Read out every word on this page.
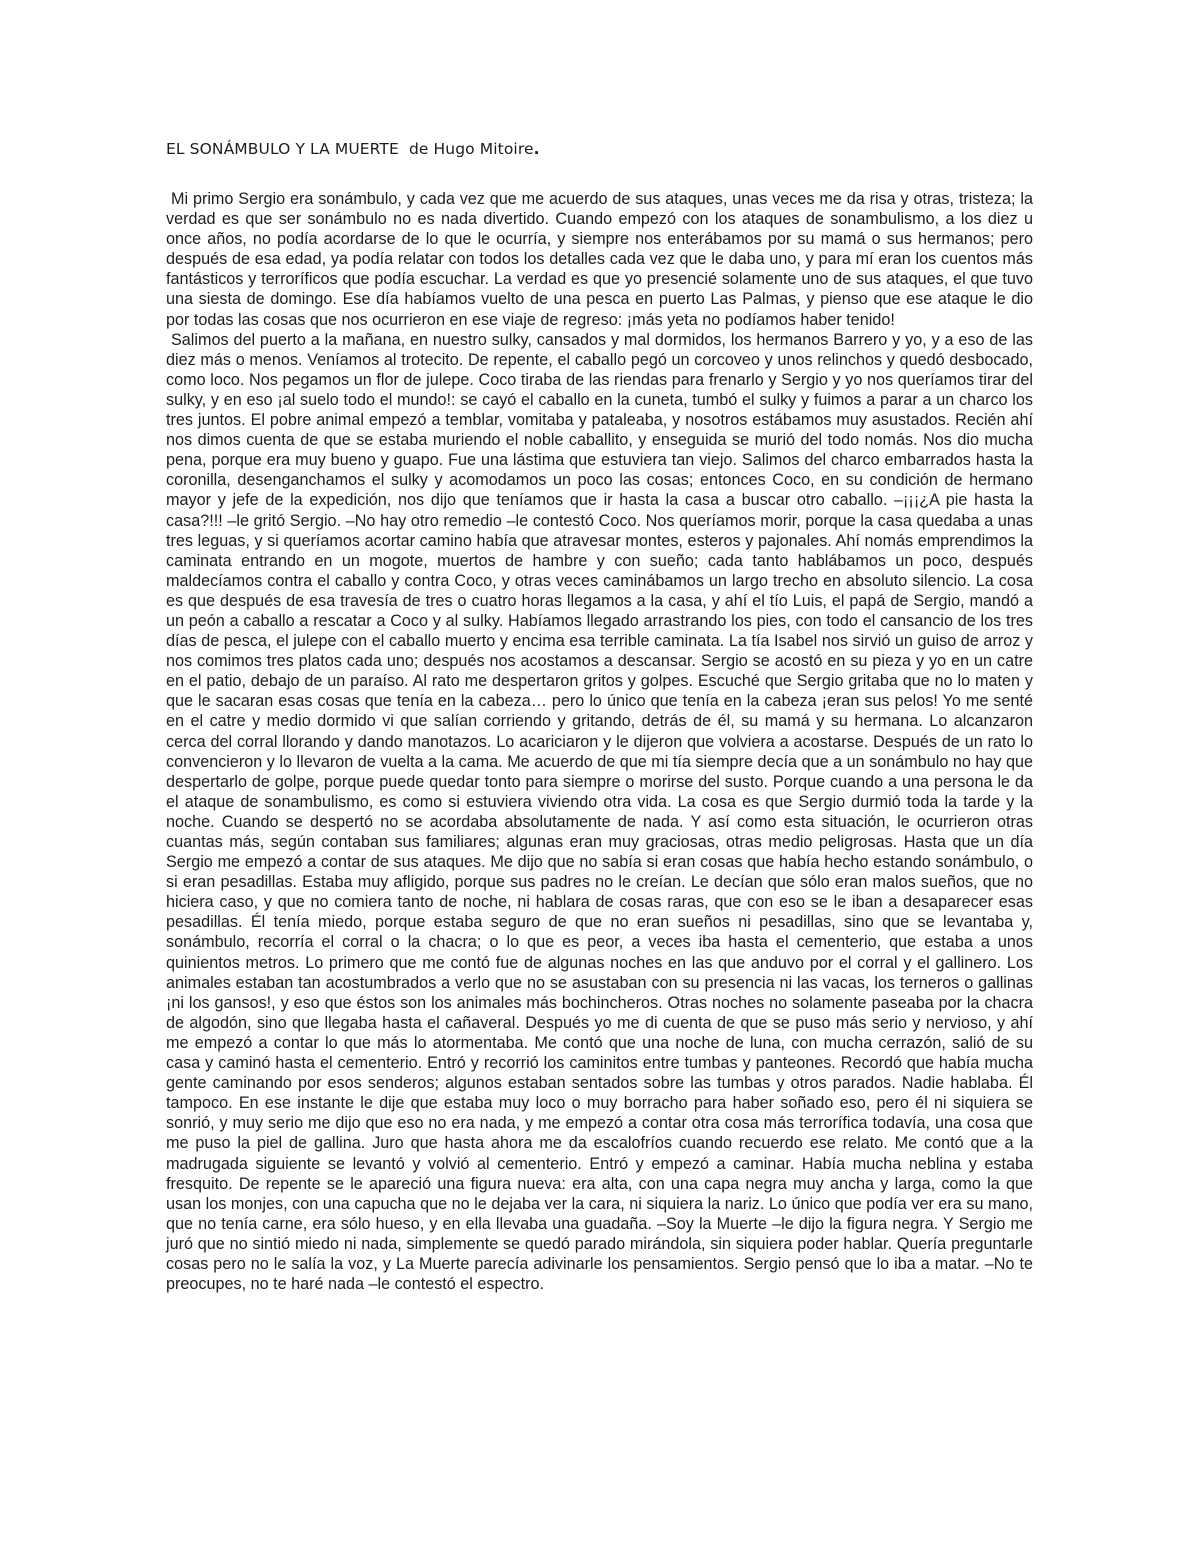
EL SONÁMBULO Y LA MUERTE de Hugo Mitoire.

Mi primo Sergio era sonámbulo, y cada vez que me acuerdo de sus ataques, unas veces me da risa y otras, tristeza; la verdad es que ser sonámbulo no es nada divertido. Cuando empezó con los ataques de sonambulismo, a los diez u once años, no podía acordarse de lo que le ocurría, y siempre nos enterábamos por su mamá o sus hermanos; pero después de esa edad, ya podía relatar con todos los detalles cada vez que le daba uno, y para mí eran los cuentos más fantásticos y terroríficos que podía escuchar. La verdad es que yo presencié solamente uno de sus ataques, el que tuvo una siesta de domingo. Ese día habíamos vuelto de una pesca en puerto Las Palmas, y pienso que ese ataque le dio por todas las cosas que nos ocurrieron en ese viaje de regreso: ¡más yeta no podíamos haber tenido!

Salimos del puerto a la mañana, en nuestro sulky, cansados y mal dormidos, los hermanos Barrero y yo, y a eso de las diez más o menos. Veníamos al trotecito. De repente, el caballo pegó un corcoveo y unos relinchos y quedó desbocado, como loco. Nos pegamos un flor de julepe. Coco tiraba de las riendas para frenarlo y Sergio y yo nos queríamos tirar del sulky, y en eso ¡al suelo todo el mundo!: se cayó el caballo en la cuneta, tumbó el sulky y fuimos a parar a un charco los tres juntos. El pobre animal empezó a temblar, vomitaba y pataleaba, y nosotros estábamos muy asustados. Recién ahí nos dimos cuenta de que se estaba muriendo el noble caballito, y enseguida se murió del todo nomás. Nos dio mucha pena, porque era muy bueno y guapo. Fue una lástima que estuviera tan viejo. Salimos del charco embarrados hasta la coronilla, desenganchamos el sulky y acomodamos un poco las cosas; entonces Coco, en su condición de hermano mayor y jefe de la expedición, nos dijo que teníamos que ir hasta la casa a buscar otro caballo. –¡¡¡¿A pie hasta la casa?!!! –le gritó Sergio. –No hay otro remedio –le contestó Coco. Nos queríamos morir, porque la casa quedaba a unas tres leguas, y si queríamos acortar camino había que atravesar montes, esteros y pajonales. Ahí nomás emprendimos la caminata entrando en un mogote, muertos de hambre y con sueño; cada tanto hablábamos un poco, después maldecíamos contra el caballo y contra Coco, y otras veces caminábamos un largo trecho en absoluto silencio. La cosa es que después de esa travesía de tres o cuatro horas llegamos a la casa, y ahí el tío Luis, el papá de Sergio, mandó a un peón a caballo a rescatar a Coco y al sulky. Habíamos llegado arrastrando los pies, con todo el cansancio de los tres días de pesca, el julepe con el caballo muerto y encima esa terrible caminata. La tía Isabel nos sirvió un guiso de arroz y nos comimos tres platos cada uno; después nos acostamos a descansar. Sergio se acostó en su pieza y yo en un catre en el patio, debajo de un paraíso. Al rato me despertaron gritos y golpes. Escuché que Sergio gritaba que no lo maten y que le sacaran esas cosas que tenía en la cabeza… pero lo único que tenía en la cabeza ¡eran sus pelos! Yo me senté en el catre y medio dormido vi que salían corriendo y gritando, detrás de él, su mamá y su hermana. Lo alcanzaron cerca del corral llorando y dando manotazos. Lo acariciaron y le dijeron que volviera a acostarse. Después de un rato lo convencieron y lo llevaron de vuelta a la cama. Me acuerdo de que mi tía siempre decía que a un sonámbulo no hay que despertarlo de golpe, porque puede quedar tonto para siempre o morirse del susto. Porque cuando a una persona le da el ataque de sonambulismo, es como si estuviera viviendo otra vida. La cosa es que Sergio durmió toda la tarde y la noche. Cuando se despertó no se acordaba absolutamente de nada. Y así como esta situación, le ocurrieron otras cuantas más, según contaban sus familiares; algunas eran muy graciosas, otras medio peligrosas. Hasta que un día Sergio me empezó a contar de sus ataques. Me dijo que no sabía si eran cosas que había hecho estando sonámbulo, o si eran pesadillas. Estaba muy afligido, porque sus padres no le creían. Le decían que sólo eran malos sueños, que no hiciera caso, y que no comiera tanto de noche, ni hablara de cosas raras, que con eso se le iban a desaparecer esas pesadillas. Él tenía miedo, porque estaba seguro de que no eran sueños ni pesadillas, sino que se levantaba y, sonámbulo, recorría el corral o la chacra; o lo que es peor, a veces iba hasta el cementerio, que estaba a unos quinientos metros. Lo primero que me contó fue de algunas noches en las que anduvo por el corral y el gallinero. Los animales estaban tan acostumbrados a verlo que no se asustaban con su presencia ni las vacas, los terneros o gallinas ¡ni los gansos!, y eso que éstos son los animales más bochincheros. Otras noches no solamente paseaba por la chacra de algodón, sino que llegaba hasta el cañaveral. Después yo me di cuenta de que se puso más serio y nervioso, y ahí me empezó a contar lo que más lo atormentaba. Me contó que una noche de luna, con mucha cerrazón, salió de su casa y caminó hasta el cementerio. Entró y recorrió los caminitos entre tumbas y panteones. Recordó que había mucha gente caminando por esos senderos; algunos estaban sentados sobre las tumbas y otros parados. Nadie hablaba. Él tampoco. En ese instante le dije que estaba muy loco o muy borracho para haber soñado eso, pero él ni siquiera se sonrió, y muy serio me dijo que eso no era nada, y me empezó a contar otra cosa más terrorífica todavía, una cosa que me puso la piel de gallina. Juro que hasta ahora me da escalofríos cuando recuerdo ese relato. Me contó que a la madrugada siguiente se levantó y volvió al cementerio. Entró y empezó a caminar. Había mucha neblina y estaba fresquito. De repente se le apareció una figura nueva: era alta, con una capa negra muy ancha y larga, como la que usan los monjes, con una capucha que no le dejaba ver la cara, ni siquiera la nariz. Lo único que podía ver era su mano, que no tenía carne, era sólo hueso, y en ella llevaba una guadaña. –Soy la Muerte –le dijo la figura negra. Y Sergio me juró que no sintió miedo ni nada, simplemente se quedó parado mirándola, sin siquiera poder hablar. Quería preguntarle cosas pero no le salía la voz, y La Muerte parecía adivinarle los pensamientos. Sergio pensó que lo iba a matar. –No te preocupes, no te haré nada –le contestó el espectro.
